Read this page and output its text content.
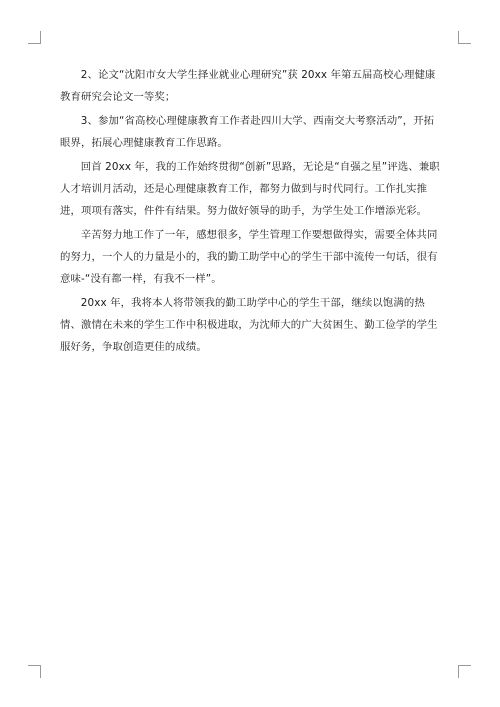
2、论文“沈阳市女大学生择业就业心理研究”获 20xx 年第五届高校心理健康教育研究会论文一等奖；

3、参加“省高校心理健康教育工作者赴四川大学、西南交大考察活动”，开拓眼界，拓展心理健康教育工作思路。

回首 20xx 年，我的工作始终贯彻“创新”思路，无论是“自强之星”评选、兼职人才培训月活动，还是心理健康教育工作，都努力做到与时代同行。工作扎实推进，项项有落实，件件有结果。努力做好领导的助手，为学生处工作增添光彩。

辛苦努力地工作了一年，感想很多，学生管理工作要想做得实，需要全体共同的努力，一个人的力量是小的，我的勤工助学中心的学生干部中流传一句话，很有意味-“没有都一样，有我不一样”。

20xx 年，我将本人将带领我的勤工助学中心的学生干部，继续以饱满的热情、激情在未来的学生工作中积极进取，为沈师大的广大贫困生、勤工俭学的学生服好务，争取创造更佳的成绩。
